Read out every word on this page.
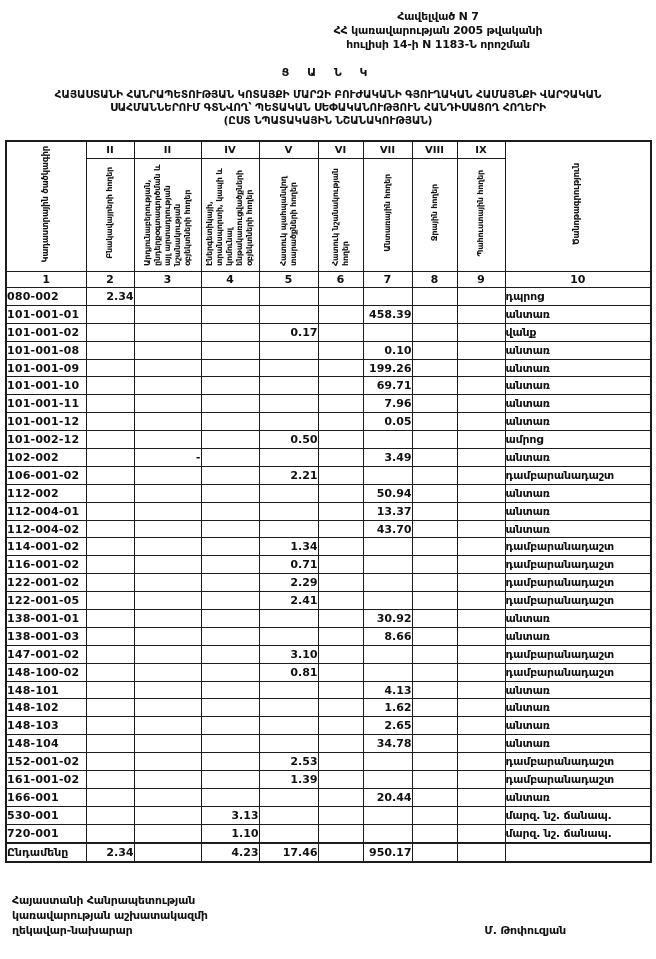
Հավելված N 7
ՀՀ կառավարության 2005 թվականի
հուլիսի 14-ի N 1183-Ն որոշման
Ց Ա Ն Կ
ՀԱՅԱՍՏԱՆԻ ՀԱՆՐԱՊԵՏՈՒԹՅԱՆ ԿՈՏԱՅՔԻ ՄԱՐԶԻ ԲՈՒԺԱԿԱՆԻ ԳՅՈՒՂԱԿԱՆ ՀԱՄԱՅՆՔԻ ՎԱՐՉԱԿԱՆ
ՍԱՀՄԱՆՆԵՐՈՒՄ ԳՏՆՎՈՂ՝ ՊԵՏԱԿԱՆ ՍԵՓԱԿԱՆՈՒԹՅՈՒՆ ՀԱՆԴԻՍԱՑՈՂ ՀՈՂԵՐԻ
(ԸՍՏ ՆՊԱՏԱԿԱՅԻՆ ՆՇԱՆԱԿՈՒԹՅԱՆ)
Կադաստրային ծածկագիր	II	II	IV	V	VI	VII	VIII	IX	Ծանոթագրություն
	Բնակավայրերի հողեր	Արդյունաբերության, ընդերքօգտագործման և այլ արտադրության նշանակության օբյեկտների հողեր	Էներգետիկայի, տրանսպորտի, կապի և կոմունալ ենթակառուցվածքների օբյեկտների հողեր	Հատուկ պահպանվող տարածքների հողեր	Հատուկ նշանակության հողեր	Անտառային հողեր	Ջրային հողեր	Պահուստային հողեր	
1	2	3	4	5	6	7	8	9	10
080-002	2.34								դպրոց
101-001-01						458.39			անտառ
101-001-02				0.17					վանք
101-001-08						0.10			անտառ
101-001-09						199.26			անտառ
101-001-10						69.71			անտառ
101-001-11						7.96			անտառ
101-001-12						0.05			անտառ
101-002-12				0.50					ամրոց
102-002		-				3.49			անտառ
106-001-02				2.21					դամբարանադաշտ
112-002						50.94			անտառ
112-004-01						13.37			անտառ
112-004-02						43.70			անտառ
114-001-02				1.34					դամբարանադաշտ
116-001-02				0.71					դամբարանադաշտ
122-001-02				2.29					դամբարանադաշտ
122-001-05				2.41					դամբարանադաշտ
138-001-01						30.92			անտառ
138-001-03						8.66			անտառ
147-001-02				3.10					դամբարանադաշտ
148-100-02				0.81					դամբարանադաշտ
148-101						4.13			անտառ
148-102						1.62			անտառ
148-103						2.65			անտառ
148-104						34.78			անտառ
152-001-02				2.53					դամբարանադաշտ
161-001-02				1.39					դամբարանադաշտ
166-001						20.44			անտառ
530-001			3.13						մարզ. նշ. ճանապ.
720-001			1.10						մարզ. նշ. ճանապ.
Ընդամենը	2.34		4.23	17.46		950.17			
Հայաստանի Հանրապետության
կառավարության աշխատակազմի
ղեկավար-նախարար	Մ. Թոփուզյան
